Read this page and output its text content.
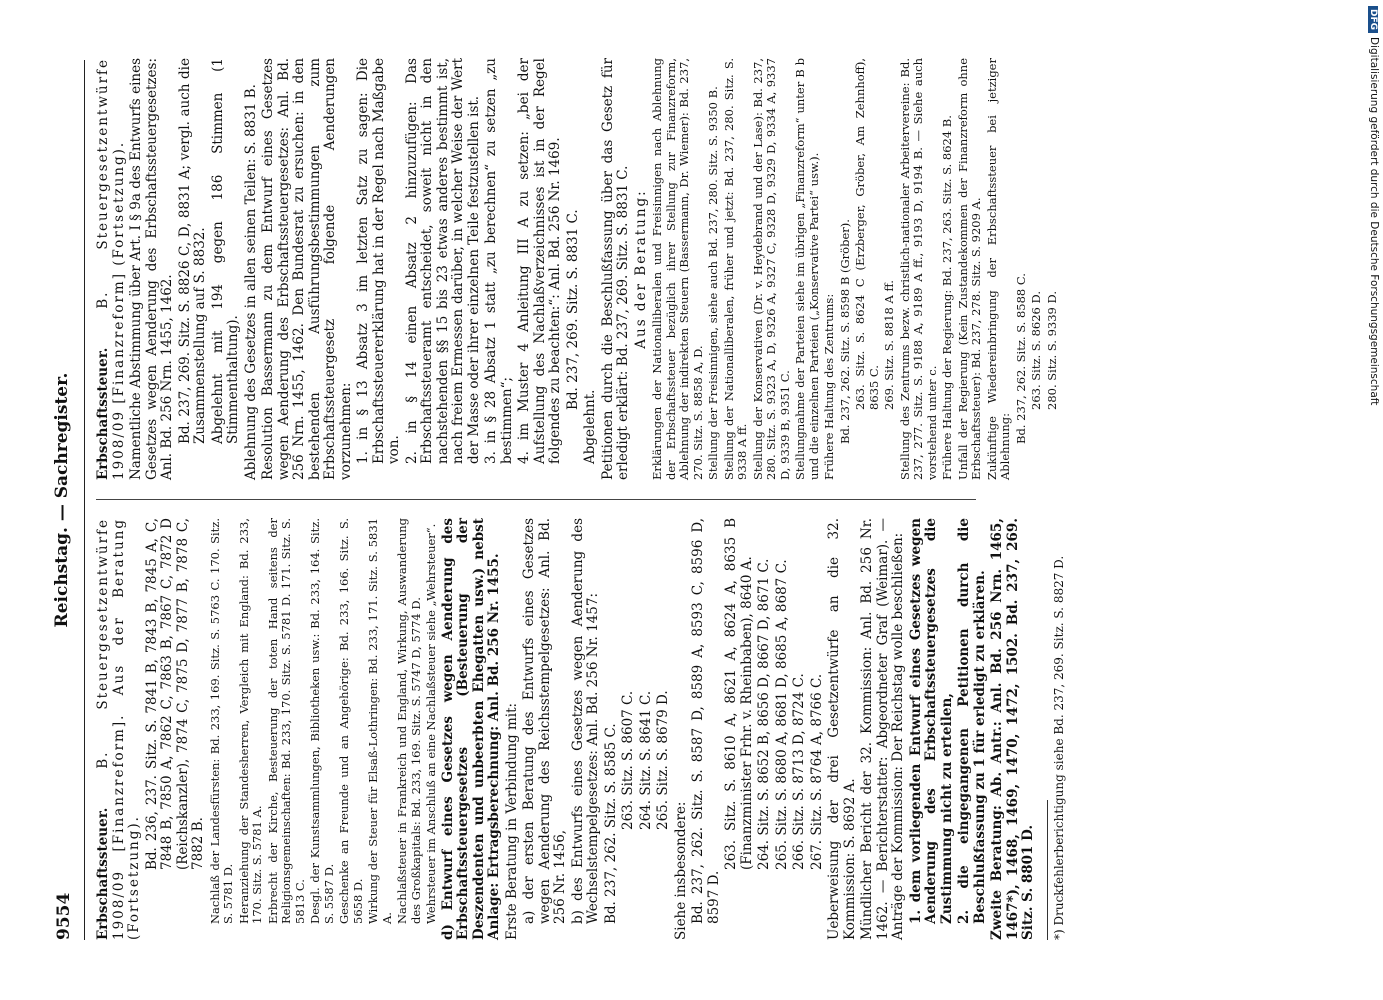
9554
Reichstag. — Sachregister.

Erbschaftssteuer. B. Steuergesetzentwürfe 1908/09 [Finanzreform]. Aus der Beratung (Fortsetzung).

Bd. 236, 237. Sitz. S. 7841 B, 7843 B, 7845 A, C, 7848 B, 7850 A, 7862 C, 7863 B, 7867 C, 7872 D (Reichskanzler), 7874 C, 7875 D, 7877 B, 7878 C, 7882 B. Nachlaß der Landesfürsten: Bd. 233, 169. Sitz. S. 5763 C. 170. Sitz. S. 5781 D. Heranziehung der Standesherren, Vergleich mit England: Bd. 233, 170. Sitz. S. 5781 A. Erbrecht der Kirche, Besteuerung der toten Hand seitens der Religionsgemeinschaften: Bd. 233, 170. Sitz. S. 5781 D. 171. Sitz. S. 5813 C. Desgl. der Kunstsammlungen, Bibliotheken usw.: Bd. 233, 164. Sitz. S. 5587 D. Geschenke an Freunde und an Angehörige: Bd. 233, 166. Sitz. S. 5658 D. Wirkung der Steuer für Elsaß-Lothringen: Bd. 233, 171. Sitz. S. 5831 A. Nachlaßsteuer in Frankreich und England, Wirkung, Auswanderung des Großkapitals: Bd. 233, 169. Sitz. S. 5747 D, 5774 D. Wehrsteuer im Anschluß an eine Nachlaßsteuer siehe „Wehrsteuer“. d) Entwurf eines Gesetzes wegen Aenderung des Erbschaftssteuergesetzes (Besteuerung der Deszendenten und unbeerbten Ehegatten usw.) nebst Anlage: Ertragsberechnung: Anl. Bd. 256 Nr. 1455. Erste Beratung in Verbindung mit: a) der ersten Beratung des Entwurfs eines Gesetzes wegen Aenderung des Reichsstempelgesetzes: Anl. Bd. 256 Nr. 1456, b) des Entwurfs eines Gesetzes wegen Aenderung des Wechselstempelgesetzes: Anl. Bd. 256 Nr. 1457: Bd. 237, 262. Sitz. S. 8585 C. 263. Sitz. S. 8607 C. 264. Sitz. S. 8641 C. 265. Sitz. S. 8679 D.

Siehe insbesondere: Bd. 237, 262. Sitz. S. 8587 D, 8589 A, 8593 C, 8596 D, 8597 D.

263. Sitz. S. 8610 A, 8621 A, 8624 A, 8635 B (Finanzminister Frhr. v. Rheinbaben), 8640 A. 264. Sitz. S. 8652 B, 8656 D, 8667 D, 8671 C. 265. Sitz. S. 8680 A, 8681 D, 8685 A, 8687 C. 266. Sitz. S. 8713 D, 8724 C. 267. Sitz. S. 8764 A, 8766 C. Ueberweisung der drei Gesetzentwürfe an die 32. Kommission: S. 8692 A. Mündlicher Bericht der 32. Kommission: Anl. Bd. 256 Nr. 1462. — Berichterstatter: Abgeordneter Graf (Weimar). — Anträge der Kommission: Der Reichstag wolle beschließen: 1. dem vorliegenden Entwurf eines Gesetzes wegen Aenderung des Erbschaftssteuergesetzes die Zustimmung nicht zu erteilen, 2. die eingegangenen Petitionen durch die Beschlußfassung zu 1 für erledigt zu erklären. Zweite Beratung: Ab. Antr.: Anl. Bd. 256 Nrn. 1465, 1467*), 1468, 1469, 1470, 1472, 1502. Bd. 237, 269. Sitz. S. 8801 D. *) Druckfehlerberichtigung siehe Bd. 237, 269. Sitz. S. 8827 D.

Erbschaftssteuer. B. Steuergesetzentwürfe 1908/09 [Finanzreform] (Fortsetzung). Namentliche Abstimmung über Art. I § 9a des Entwurfs eines Gesetzes wegen Aenderung des Erbschaftssteuergesetzes: Anl. Bd. 256 Nrn. 1455, 1462. Bd. 237, 269. Sitz. S. 8826 C, D, 8831 A; vergl. auch die Zusammenstellung auf S. 8832. Abgelehnt mit 194 gegen 186 Stimmen (1 Stimmenthaltung). Ablehnung des Gesetzes in allen seinen Teilen: S. 8831 B. Resolution Bassermann zu dem Entwurf eines Gesetzes wegen Aenderung des Erbschaftssteuergesetzes: Anl. Bd. 256 Nrn. 1455, 1462. Den Bundesrat zu ersuchen: in den bestehenden Ausführungsbestimmungen zum Erbschaftssteuergesetz folgende Aenderungen vorzunehmen: 1. in § 13 Absatz 3 im letzten Satz zu sagen: Die Erbschaftssteuererklärung hat in der Regel nach Maßgabe von. 2. in § 14 einen Absatz 2 hinzuzufügen: Das Erbschaftssteueramt entscheidet, soweit nicht in den nachstehenden §§ 15 bis 23 etwas anderes bestimmt ist, nach freiem Ermessen darüber, in welcher Weise der Wert der Masse oder ihrer einzelnen Teile festzustellen ist. 3. in § 28 Absatz 1 statt „zu berechnen“ zu setzen „zu bestimmen“; 4. im Muster 4 Anleitung III A zu setzen: „bei der Aufstellung des Nachlaßverzeichnisses ist in der Regel folgendes zu beachten:“: Anl. Bd. 256 Nr. 1469. Bd. 237, 269. Sitz. S. 8831 C.

Abgelehnt. Petitionen durch die Beschlußfassung über das Gesetz für erledigt erklärt: Bd. 237, 269. Sitz. S. 8831 C. Aus der Beratung: Erklärungen der Nationalliberalen und Freisinnigen nach Ablehnung der Erbschaftssteuer bezüglich ihrer Stellung zur Finanzreform, Ablehnung der indirekten Steuern (Bassermann, Dr. Wiemer): Bd. 237, 270. Sitz. S. 8858 A, D. Stellung der Freisinnigen, siehe auch Bd. 237, 280. Sitz. S. 9350 B. Stellung der Nationalliberalen, früher und jetzt: Bd. 237, 280. Sitz. S. 9338 A ff. Stellung der Konservativen (Dr. v. Heydebrand und der Lase): Bd. 237, 280. Sitz. S. 9323 A, D, 9326 A, 9327 C, 9328 D, 9329 D, 9334 A, 9337 D, 9339 B, 9351 C. Stellungnahme der Parteien siehe im übrigen „Finanzreform“ unter B b und die einzelnen Parteien („Konservative Partei“ usw.). Frühere Haltung des Zentrums: Bd. 237, 262. Sitz. S. 8598 B (Gröber). 263. Sitz. S. 8624 C (Erzberger, Gröber, Am Zehnhoff), 8635 C. 269. Sitz. S. 8818 A ff. Stellung des Zentrums bezw. christlich-nationaler Arbeitervereine: Bd. 237, 277. Sitz. S. 9188 A, 9189 A ff., 9193 D, 9194 B. — Siehe auch vorstehend unter c. Frühere Haltung der Regierung: Bd. 237, 263. Sitz. S. 8624 B. Unfall der Regierung (Kein Zustandekommen der Finanzreform ohne Erbschaftssteuer): Bd. 237, 278. Sitz. S. 9209 A. Zukünftige Wiedereinbringung der Erbschaftssteuer bei jetziger Ablehnung:

Bd. 237, 262. Sitz. S. 8588 C. 263. Sitz. S. 8626 D. 280. Sitz. S. 9339 D.

DFGDigitalisierung gefördert durch die Deutsche Forschungsgemeinschaft
